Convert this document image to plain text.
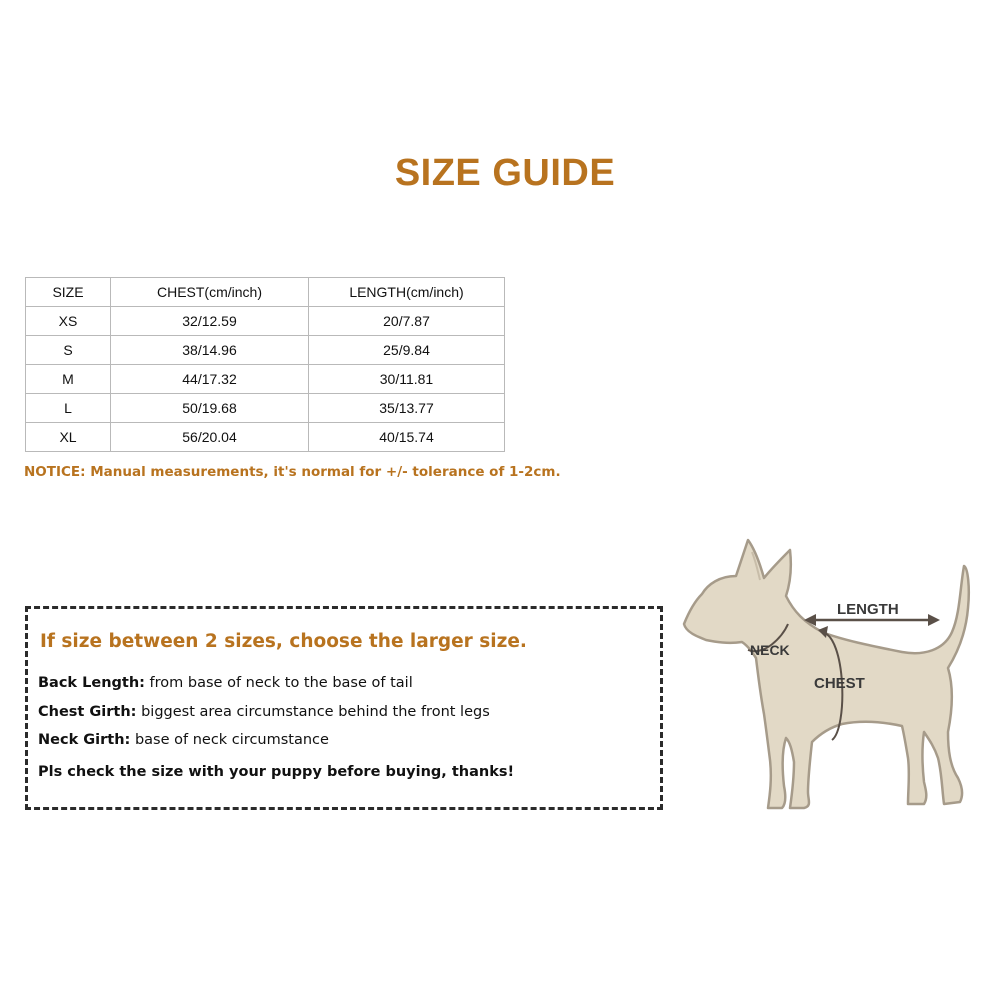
SIZE GUIDE
SIZE	CHEST(cm/inch)	LENGTH(cm/inch)
XS	32/12.59	20/7.87
S	38/14.96	25/9.84
M	44/17.32	30/11.81
L	50/19.68	35/13.77
XL	56/20.04	40/15.74
NOTICE: Manual measurements, it's normal for +/- tolerance of 1-2cm.
If size between 2 sizes, choose the larger size.
Back Length: from base of neck to the base of tail
Chest Girth: biggest area circumstance behind the front legs
Neck Girth: base of neck circumstance
Pls check the size with your puppy before buying, thanks!
LENGTH
NECK
CHEST
